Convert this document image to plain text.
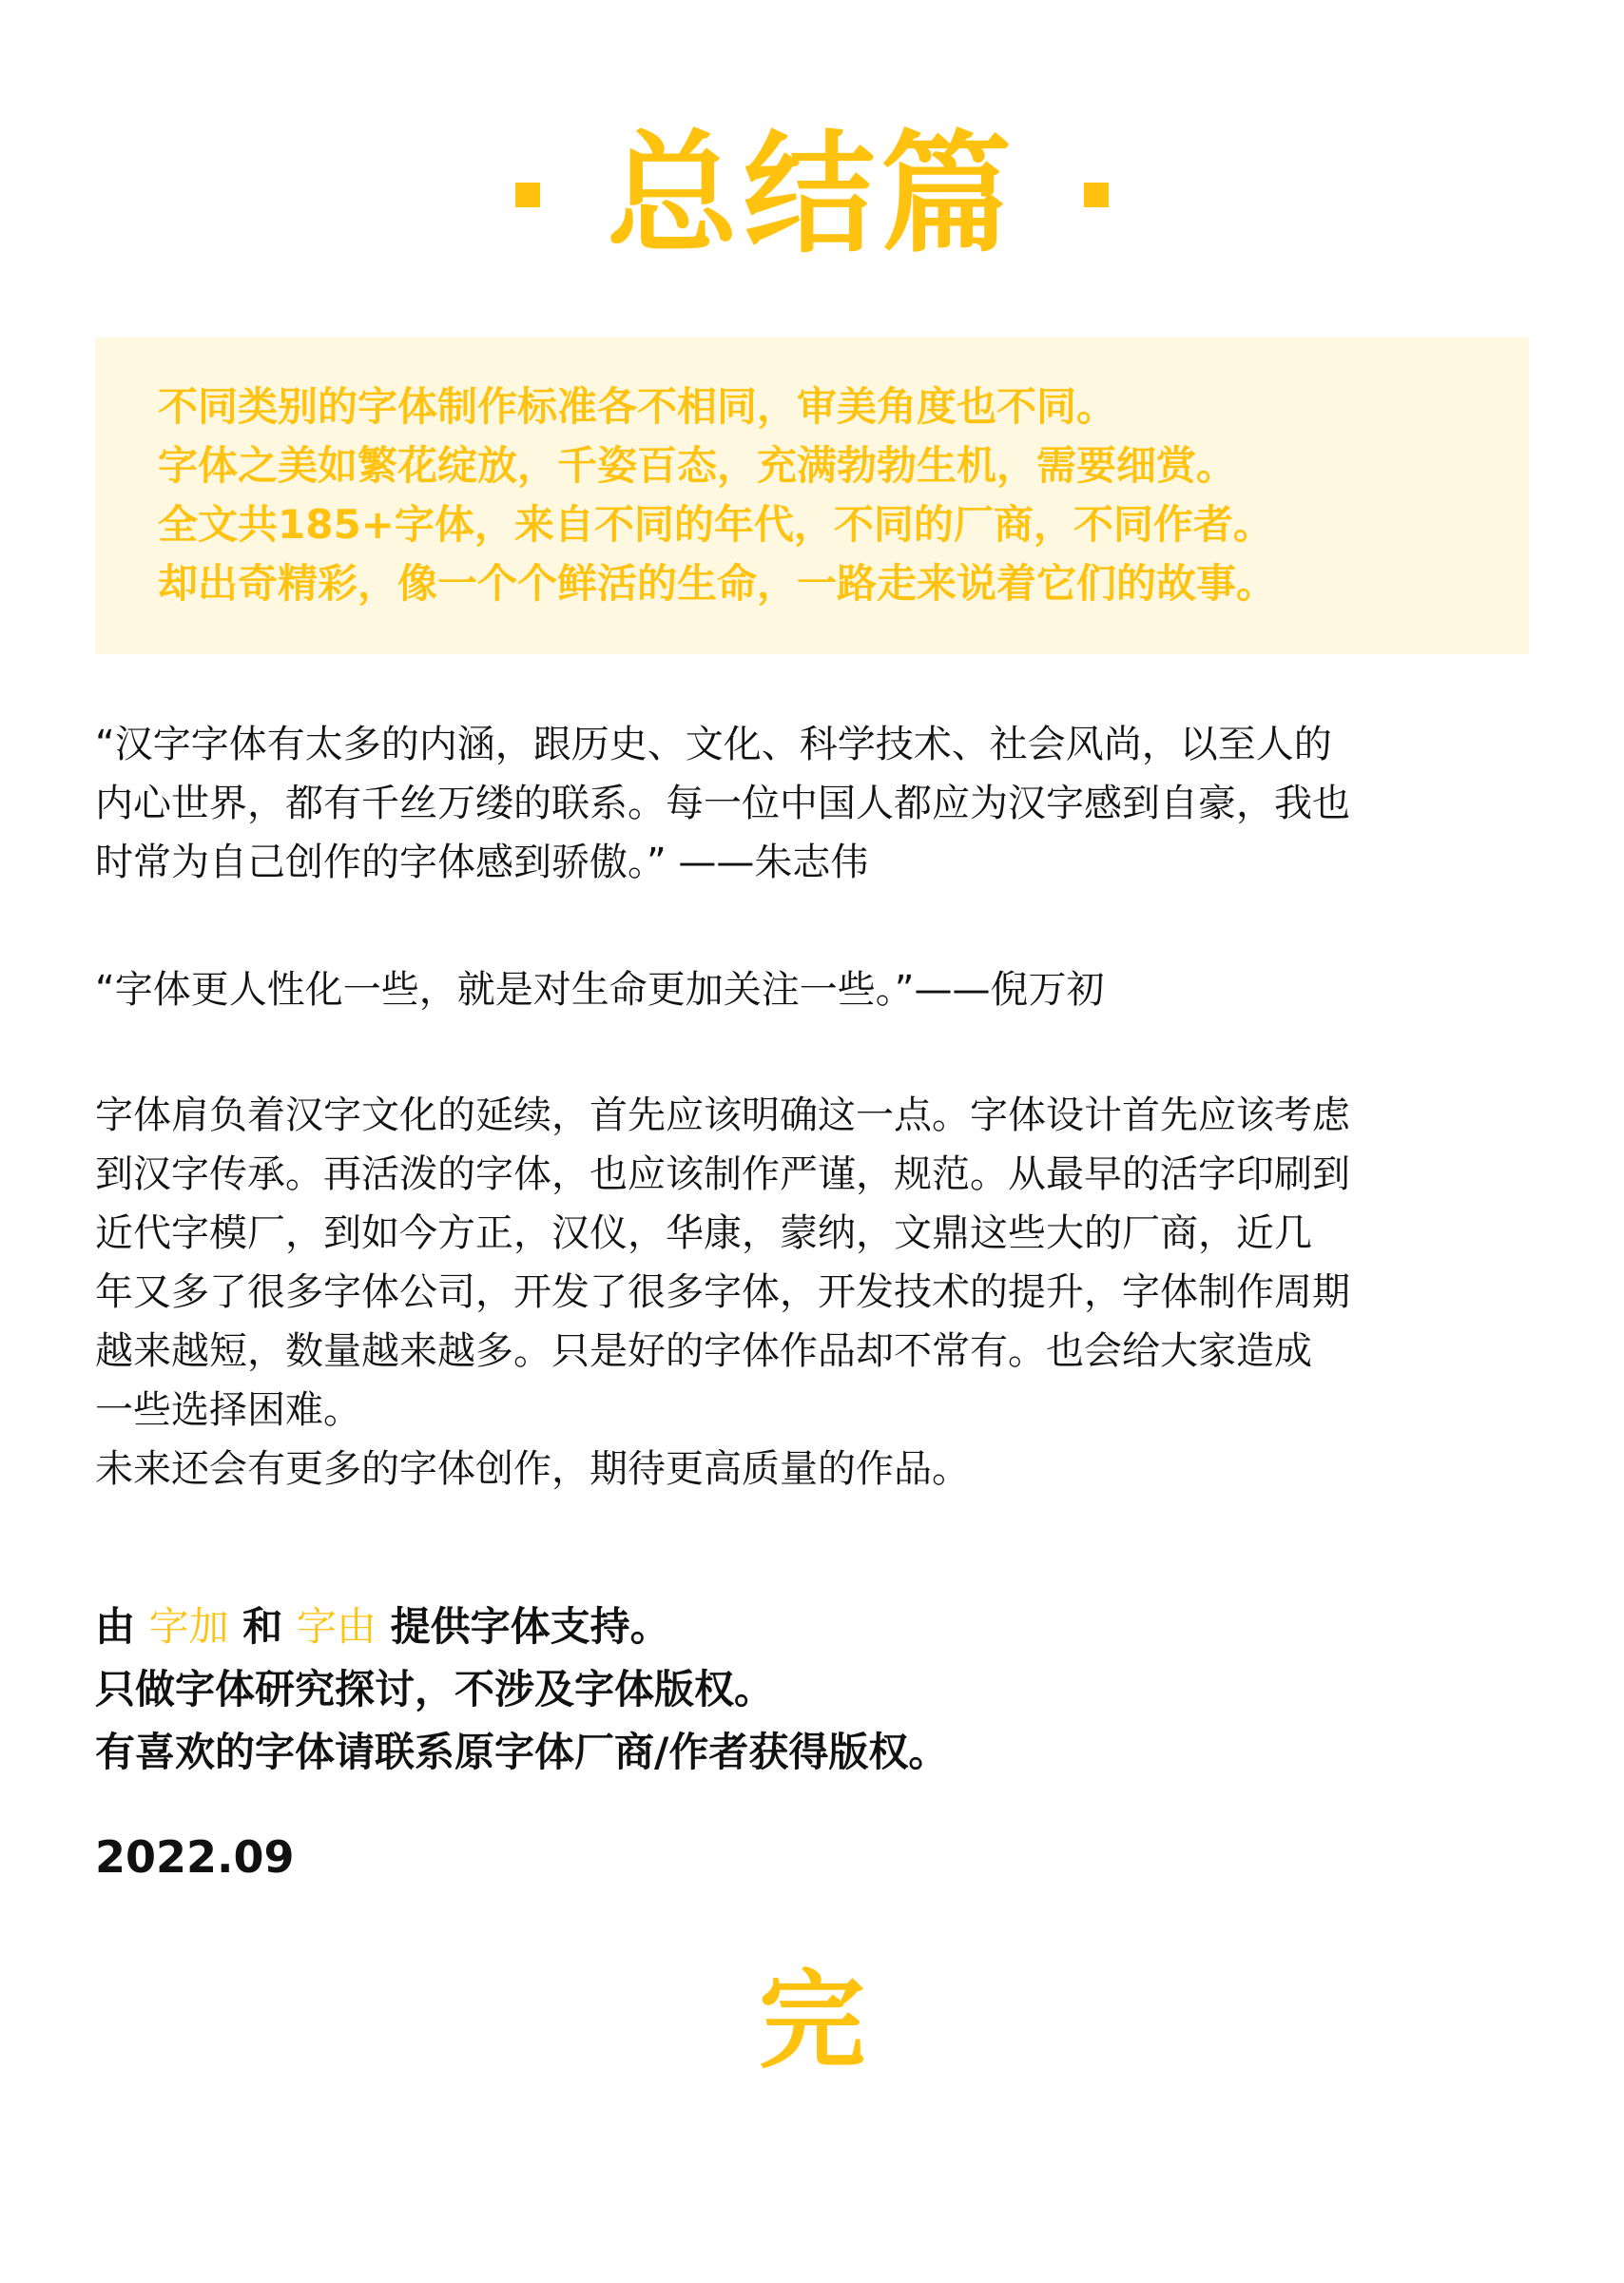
总结篇
不同类别的字体制作标准各不相同，审美角度也不同。
字体之美如繁花绽放，千姿百态，充满勃勃生机，需要细赏。
全文共185+字体，来自不同的年代，不同的厂商，不同作者。
却出奇精彩，像一个个鲜活的生命，一路走来说着它们的故事。
“汉字字体有太多的内涵，跟历史、文化、科学技术、社会风尚，以至人的
内心世界，都有千丝万缕的联系。每一位中国人都应为汉字感到自豪，我也
时常为自己创作的字体感到骄傲。” ——朱志伟
“字体更人性化一些，就是对生命更加关注一些。”——倪万初
字体肩负着汉字文化的延续，首先应该明确这一点。字体设计首先应该考虑
到汉字传承。再活泼的字体，也应该制作严谨，规范。从最早的活字印刷到
近代字模厂，到如今方正，汉仪，华康，蒙纳，文鼎这些大的厂商，近几
年又多了很多字体公司，开发了很多字体，开发技术的提升，字体制作周期
越来越短，数量越来越多。只是好的字体作品却不常有。也会给大家造成
一些选择困难。
未来还会有更多的字体创作，期待更高质量的作品。
由 字加 和 字由 提供字体支持。
只做字体研究探讨，不涉及字体版权。
有喜欢的字体请联系原字体厂商/作者获得版权。
2022.09
完
